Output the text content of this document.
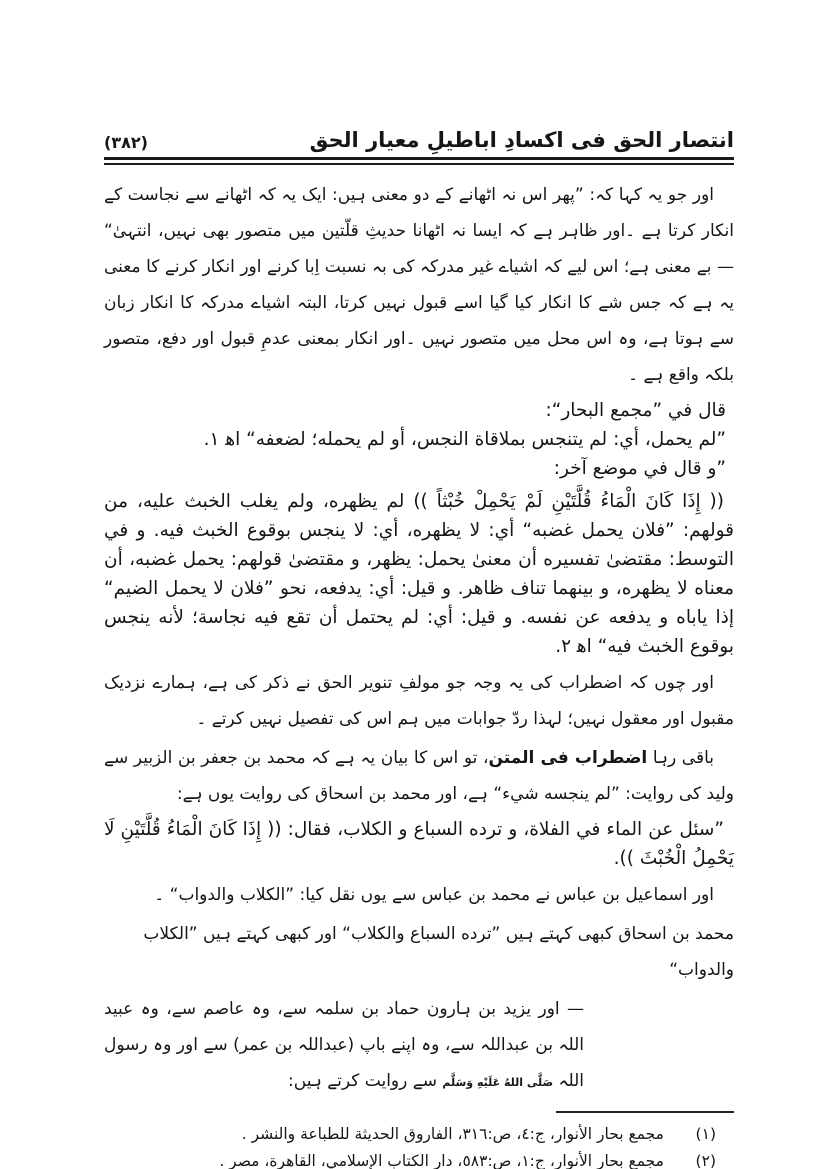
انتصار الحق فی اکسادِ اباطیلِ معیار الحق
(۳۸۲)

اور جو یہ کہا کہ: ”پھر اس نہ اٹھانے کے دو معنی ہیں: ایک یہ کہ اٹھانے سے نجاست کے انکار کرتا ہے ۔اور ظاہر ہے کہ ایسا نہ اٹھانا حدیثِ قلّتین میں متصور بھی نہیں، انتہیٰ“ — بے معنی ہے؛ اس لیے کہ اشیاے غیر مدرکہ کی بہ نسبت اِبا کرنے اور انکار کرنے کا معنی یہ ہے کہ جس شے کا انکار کیا گیا اسے قبول نہیں کرتا، البتہ اشیاے مدرکہ کا انکار زبان سے ہوتا ہے، وہ اس محل میں متصور نہیں ۔اور انکار بمعنی عدمِ قبول اور دفع، متصور بلکہ واقع ہے ۔

قال في ”مجمع البحار“:
”لم يحمل، أي: لم يتنجس بملاقاة النجس، أو لم يحمله؛ لضعفه“ اه‍ ١.
”و قال في موضع آخر:

(( إِذَا كَانَ الْمَاءُ قُلَّتَيْنِ لَمْ يَحْمِلْ خُبْثاً )) لم يظهره، ولم يغلب الخبث عليه، من قولهم: ”فلان يحمل غضبه“ أي: لا يظهره، أي: لا ينجس بوقوع الخبث فيه. و في التوسط: مقتضىٰ تفسيره أن معنىٰ يحمل: يظهر، و مقتضىٰ قولهم: يحمل غضبه، أن معناه لا يظهره، و بينهما تناف ظاهر. و قيل: أي: يدفعه، نحو ”فلان لا يحمل الضيم“ إذا ياباه و يدفعه عن نفسه. و قيل: أي: لم يحتمل أن تقع فيه نجاسة؛ لأنه ينجس بوقوع الخبث فيه“ اه‍ ٢.

اور چوں کہ اضطراب کی یہ وجہ جو مولفِ تنویر الحق نے ذکر کی ہے، ہمارے نزدیک مقبول اور معقول نہیں؛ لہذا ردّ جوابات میں ہم اس کی تفصیل نہیں کرتے ۔

باقی رہا اضطراب فی المتن، تو اس کا بیان یہ ہے کہ محمد بن جعفر بن الزبیر سے ولید کی روایت: ”لم ینجسه شيء“ ہے، اور محمد بن اسحاق کی روایت یوں ہے:

”سئل عن الماء في الفلاة، و ترده السباع و الكلاب، فقال: (( إِذَا كَانَ الْمَاءُ قُلَّتَيْنِ لَا يَحْمِلُ الْخُبْثَ )).

اور اسماعیل بن عباس نے محمد بن عباس سے یوں نقل کیا: ”الكلاب والدواب“ ۔

محمد بن اسحاق کبھی کہتے ہیں ”ترده السباع والكلاب“ اور کبھی کہتے ہیں ”الكلاب والدواب“

— اور یزید بن ہارون حماد بن سلمہ سے، وہ عاصم سے، وہ عبید اللہ بن عبداللہ سے، وہ اپنے باپ (عبداللہ بن عمر) سے اور وہ رسول اللہ صَلَّى اللهُ عَلَيْهِ وَسَلَّم سے روایت کرتے ہیں:

(١)
مجمع بحار الأنوار، ج:٤، ص:٣١٦، الفاروق الحديثة للطباعة والنشر .
(٢)
مجمع بحار الأنوار، ج:١، ص:٥٨٣، دار الكتاب الإسلامي، القاهرة، مصر .
